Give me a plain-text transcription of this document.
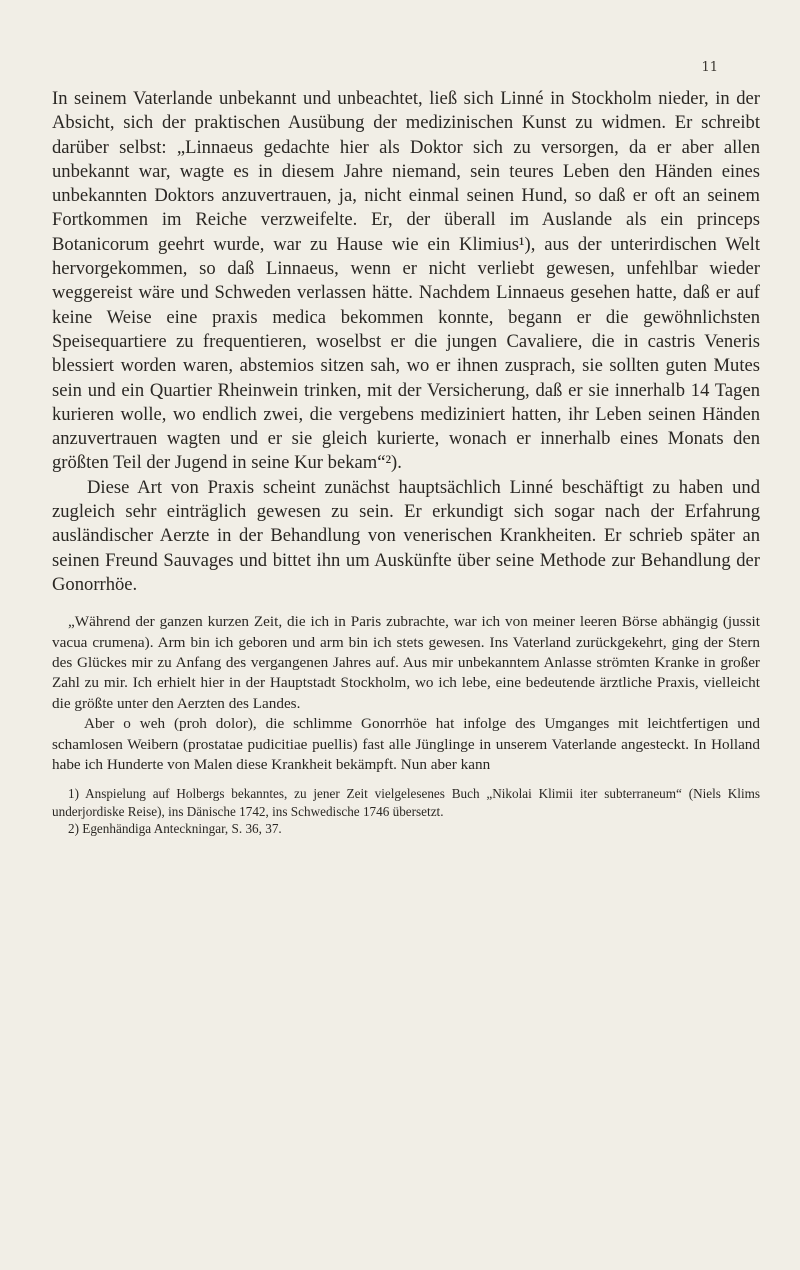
11

In seinem Vaterlande unbekannt und unbeachtet, ließ sich Linné in Stockholm nieder, in der Absicht, sich der praktischen Ausübung der medizinischen Kunst zu widmen. Er schreibt darüber selbst: „Linnaeus gedachte hier als Doktor sich zu versorgen, da er aber allen unbekannt war, wagte es in diesem Jahre niemand, sein teures Leben den Händen eines unbekannten Doktors anzuvertrauen, ja, nicht einmal seinen Hund, so daß er oft an seinem Fortkommen im Reiche verzweifelte. Er, der überall im Auslande als ein princeps Botanicorum geehrt wurde, war zu Hause wie ein Klimius¹), aus der unterirdischen Welt hervorgekommen, so daß Linnaeus, wenn er nicht verliebt gewesen, unfehlbar wieder weggereist wäre und Schweden verlassen hätte. Nachdem Linnaeus gesehen hatte, daß er auf keine Weise eine praxis medica bekommen konnte, begann er die gewöhnlichsten Speisequartiere zu frequentieren, woselbst er die jungen Cavaliere, die in castris Veneris blessiert worden waren, abstemios sitzen sah, wo er ihnen zusprach, sie sollten guten Mutes sein und ein Quartier Rheinwein trinken, mit der Versicherung, daß er sie innerhalb 14 Tagen kurieren wolle, wo endlich zwei, die vergebens mediziniert hatten, ihr Leben seinen Händen anzuvertrauen wagten und er sie gleich kurierte, wonach er innerhalb eines Monats den größten Teil der Jugend in seine Kur bekam“²).

Diese Art von Praxis scheint zunächst hauptsächlich Linné beschäftigt zu haben und zugleich sehr einträglich gewesen zu sein. Er erkundigt sich sogar nach der Erfahrung ausländischer Aerzte in der Behandlung von venerischen Krankheiten. Er schrieb später an seinen Freund Sauvages und bittet ihn um Auskünfte über seine Methode zur Behandlung der Gonorrhöe.

„Während der ganzen kurzen Zeit, die ich in Paris zubrachte, war ich von meiner leeren Börse abhängig (jussit vacua crumena). Arm bin ich geboren und arm bin ich stets gewesen. Ins Vaterland zurückgekehrt, ging der Stern des Glückes mir zu Anfang des vergangenen Jahres auf. Aus mir unbekanntem Anlasse strömten Kranke in großer Zahl zu mir. Ich erhielt hier in der Hauptstadt Stockholm, wo ich lebe, eine bedeutende ärztliche Praxis, vielleicht die größte unter den Aerzten des Landes.

Aber o weh (proh dolor), die schlimme Gonorrhöe hat infolge des Umganges mit leichtfertigen und schamlosen Weibern (prostatae pudicitiae puellis) fast alle Jünglinge in unserem Vaterlande angesteckt. In Holland habe ich Hunderte von Malen diese Krankheit bekämpft. Nun aber kann

1) Anspielung auf Holbergs bekanntes, zu jener Zeit vielgelesenes Buch „Nikolai Klimii iter subterraneum“ (Niels Klims underjordiske Reise), ins Dänische 1742, ins Schwedische 1746 übersetzt.

2) Egenhändiga Anteckningar, S. 36, 37.
